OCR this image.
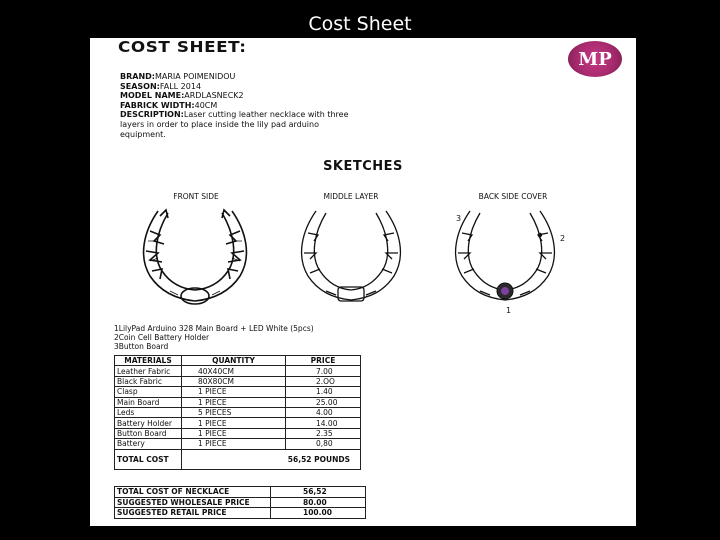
Cost Sheet
COST SHEET:
MP
BRAND:MARIA POIMENIDOU
SEASON:FALL 2014
MODEL NAME:ARDLASNECK2
FABRICK WIDTH:40CM
DESCRIPTION:Laser cutting leather necklace with three layers in order to place inside the lily pad arduino equipment.
SKETCHES
FRONT SIDE	MIDDLE LAYER	BACK SIDE COVER
3
2
1
1LilyPad Arduino 328 Main Board + LED White (5pcs)
2Coin Cell Battery Holder
3Button Board
MATERIALS	QUANTITY	PRICE
Leather Fabric	40X40CM	7.00
Black Fabric	80X80CM	2.OO
Clasp	1 PIECE	1.40
Main Board	1 PIECE	25.00
Leds	5 PIECES	4.00
Battery Holder	1 PIECE	14.00
Button Board	1 PIECE	2.35
Battery	1 PIECE	0,80
TOTAL COST	56,52 POUNDS	
TOTAL COST OF NECKLACE	56,52
SUGGESTED WHOLESALE PRICE	80.00
SUGGESTED RETAIL PRICE	100.00
